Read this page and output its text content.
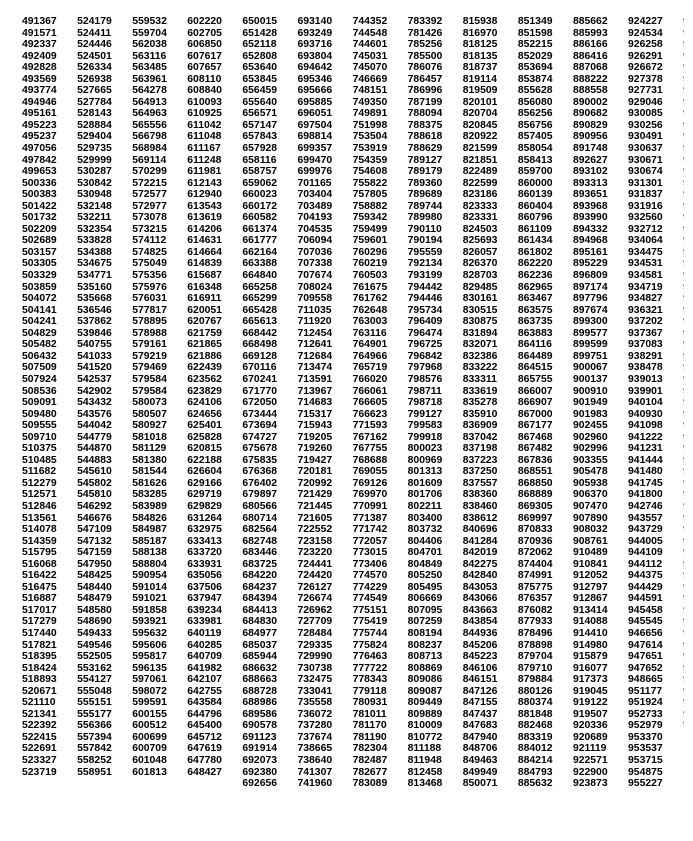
491367	524179	559532	602220	650015	693140	744352	783392	815938	851349	885662	924227	
491571	524411	559704	602705	651428	693249	744548	781426	816970	851598	885993	924534	
492337	524446	562038	606850	652118	693716	744601	785256	818125	852215	886166	926258	
492409	524501	563116	607617	652808	693804	745031	785500	818135	852029	886416	926291	
492828	526334	563485	607657	653640	694642	745070	786076	818737	853694	887068	926672	
493569	526938	563961	608110	653845	695346	746669	786457	819114	853874	888222	927378	
493774	527665	564278	608840	656459	695666	748151	786996	819509	855628	888558	927731	
494946	527784	564913	610093	655640	695885	749350	787199	820101	856080	890002	929046	
495161	528143	564963	610925	656571	696051	749891	788094	820704	856256	890682	930085	
495223	528884	565556	611042	657147	697504	751998	788375	820845	856756	890829	930256	
495237	529404	566798	611048	657843	698814	753504	788618	820922	857405	890956	930491	
497056	529735	568984	611167	657928	699357	753919	788629	821599	858054	891748	930637	
497842	529999	569114	611248	658116	699470	754359	789127	821851	858413	892627	930671	
499653	530287	570299	611981	658757	699976	754608	789179	822489	859700	893102	930674	
500336	530842	572215	612143	659062	701165	755822	789360	822599	860000	893313	931301	
500383	530948	572577	612940	660023	703404	757805	789689	823186	860139	893651	931837	
501422	532148	572977	613543	660172	703489	758882	789744	823333	860404	893968	931916	
501732	532211	573078	613619	660582	704193	759342	789980	823331	860796	893990	932560	
502209	532354	573215	614206	661374	704535	759499	790110	824503	861109	894332	932712	
502689	533828	574112	614631	661777	706094	759601	790194	825693	861434	894968	934064	
503157	534388	574825	614664	662164	707036	760296	795559	826057	861802	895161	934475	
503305	534675	575049	614839	663388	707338	760219	792134	826370	862220	895229	934531	
503329	534771	575356	615687	664840	707674	760503	793199	828703	862236	896809	934581	
503859	535160	575976	616348	665258	708024	761675	794442	829485	862965	897174	934719	
504072	535668	576031	616911	665299	709558	761762	794446	830161	863467	897796	934827	
504141	536546	577817	620051	665428	711035	762648	795734	830515	863575	897674	936321	
504241	537862	578895	620767	665613	711920	763003	796409	830875	863735	899300	937202	
504829	539846	578988	621759	668442	712454	763116	796474	831894	863883	899577	937367	
505482	540755	579161	621865	668498	712641	764901	796725	832071	864116	899599	937083	
506432	541033	579219	621886	669128	712684	764966	796842	832386	864489	899751	938291	
507509	541520	579469	622439	670116	713474	765719	797968	833222	864515	900067	938478	
507924	542537	579584	623562	670241	713591	766020	798576	833311	865755	900137	939013	
508536	542902	579584	623829	671770	713967	766061	798711	833619	866007	900910	939901	
509091	543432	580073	624106	672050	714683	766605	798718	835278	866907	901949	940104	
509480	543576	580507	624656	673444	715317	766623	799127	835910	867000	901983	940930	
509555	544042	580927	625401	673694	715943	771593	799583	836909	867177	902455	941098	
509710	544779	581018	625828	674727	719205	767162	799918	837042	867468	902960	941222	
510375	544870	581129	620815	675678	719260	767755	800023	837198	867482	902996	941231	
510485	544883	581380	622188	675835	719427	768688	800969	837223	867836	903355	941444	
511682	545610	581544	626604	676368	720181	769055	801313	837250	868551	905478	941480	
512279	545802	581626	629166	676402	720992	769126	801609	837557	868850	905938	941745	
512571	545810	583285	629719	679897	721429	769970	801706	838360	868889	906370	941800	
512846	546292	583989	629829	680566	721445	770991	802211	838460	869305	907470	942746	
513561	546676	584826	631264	680714	721605	771387	803400	838612	869997	907890	943557	
514078	547109	584987	632975	682564	722552	771742	803732	840696	870833	908032	943729	
514359	547132	585187	633413	682748	723158	772057	804406	841284	870936	908761	944005	
515795	547159	588138	633720	683446	723220	773015	804701	842019	872062	910489	944109	
516068	547950	588804	633931	683725	724441	773406	804849	842275	874404	910841	944112	
516422	548425	590954	635056	684220	724420	774570	805250	842840	874991	912052	944375	
516475	548440	591014	637506	684237	726127	774229	805495	843053	875775	912797	944429	
516887	548479	591021	637947	684394	726674	774549	806669	843066	876357	912867	944591	
517017	548580	591858	639234	684413	726962	775151	807095	843663	876082	913414	945458	
517279	548690	593921	633981	684830	727709	775419	807259	843854	877933	914088	945545	
517440	549433	595632	640119	684977	728484	775744	808194	844936	878496	914410	946656	
517821	549546	595606	640285	685037	729335	775824	808237	845206	878898	914980	947614	
518395	552505	595817	640709	685944	729990	776463	808713	845223	879704	915879	947651	
518424	553162	596135	641982	686632	730738	777722	808869	846106	879710	916077	947652	
518893	554127	597061	642107	688663	732475	778343	809086	846151	879884	917373	948665	
520671	555048	598072	642755	688728	733041	779118	809087	847126	880126	919045	951177	
521110	555151	599591	643584	688986	735558	780931	809449	847155	880374	919122	951924	
521341	555177	600155	644796	689586	736072	781011	809889	847437	881848	919507	952733	
522392	556366	600512	645400	690578	737280	781170	810009	847683	882468	920336	952979	
522415	557394	600699	645712	691123	737674	781190	810772	847940	883319	920689	953370	
522691	557842	600709	647619	691914	738665	782304	811188	848706	884012	921119	953537	
523327	558252	601048	647780	692073	738640	782487	811948	849463	884214	922571	953715	
523719	558951	601813	648427	692380	741307	782677	812458	849949	884793	922900	954875	
				692656	741960	783089	813468	850071	885632	923873	955227	
